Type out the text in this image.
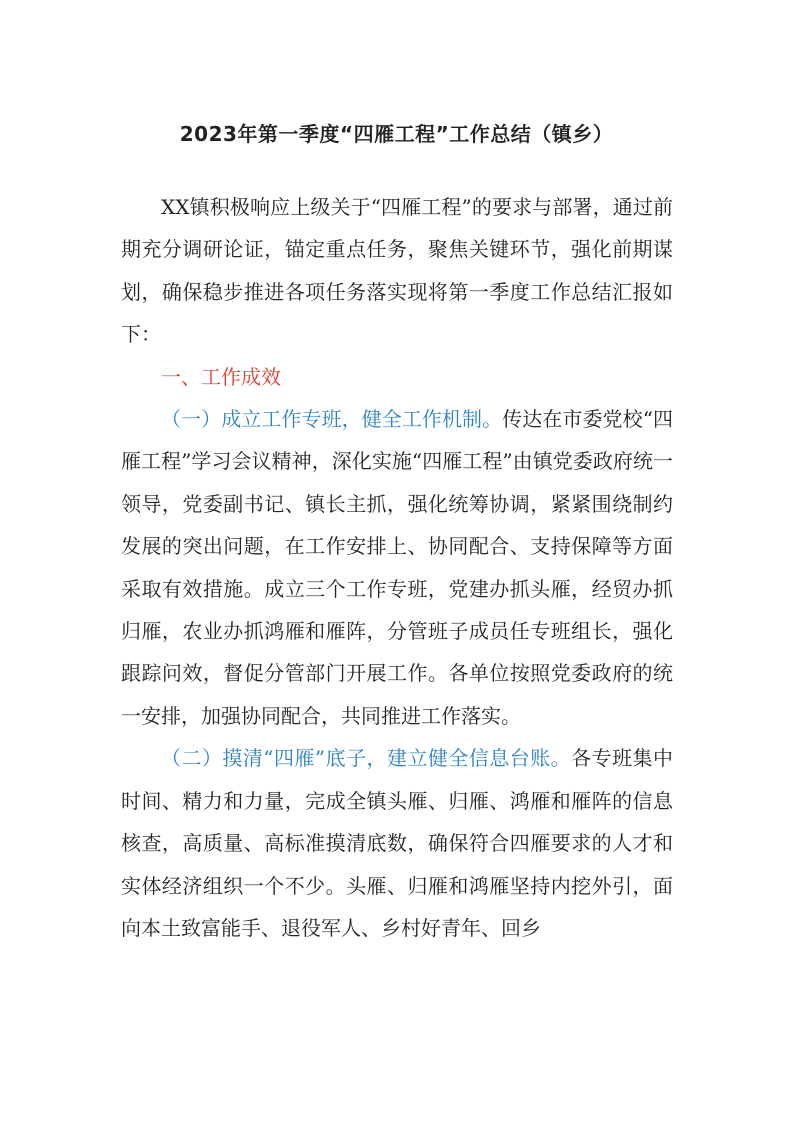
2023年第一季度“四雁工程”工作总结（镇乡）

XX镇积极响应上级关于“四雁工程”的要求与部署，通过前期充分调研论证，锚定重点任务，聚焦关键环节，强化前期谋划，确保稳步推进各项任务落实现将第一季度工作总结汇报如下：

一、工作成效

（一）成立工作专班，健全工作机制。传达在市委党校“四雁工程”学习会议精神，深化实施“四雁工程”由镇党委政府统一领导，党委副书记、镇长主抓，强化统筹协调，紧紧围绕制约发展的突出问题，在工作安排上、协同配合、支持保障等方面采取有效措施。成立三个工作专班，党建办抓头雁，经贸办抓归雁，农业办抓鸿雁和雁阵，分管班子成员任专班组长，强化跟踪问效，督促分管部门开展工作。各单位按照党委政府的统一安排，加强协同配合，共同推进工作落实。

（二）摸清“四雁”底子，建立健全信息台账。各专班集中时间、精力和力量，完成全镇头雁、归雁、鸿雁和雁阵的信息核查，高质量、高标准摸清底数，确保符合四雁要求的人才和实体经济组织一个不少。头雁、归雁和鸿雁坚持内挖外引，面向本土致富能手、退役军人、乡村好青年、回乡
